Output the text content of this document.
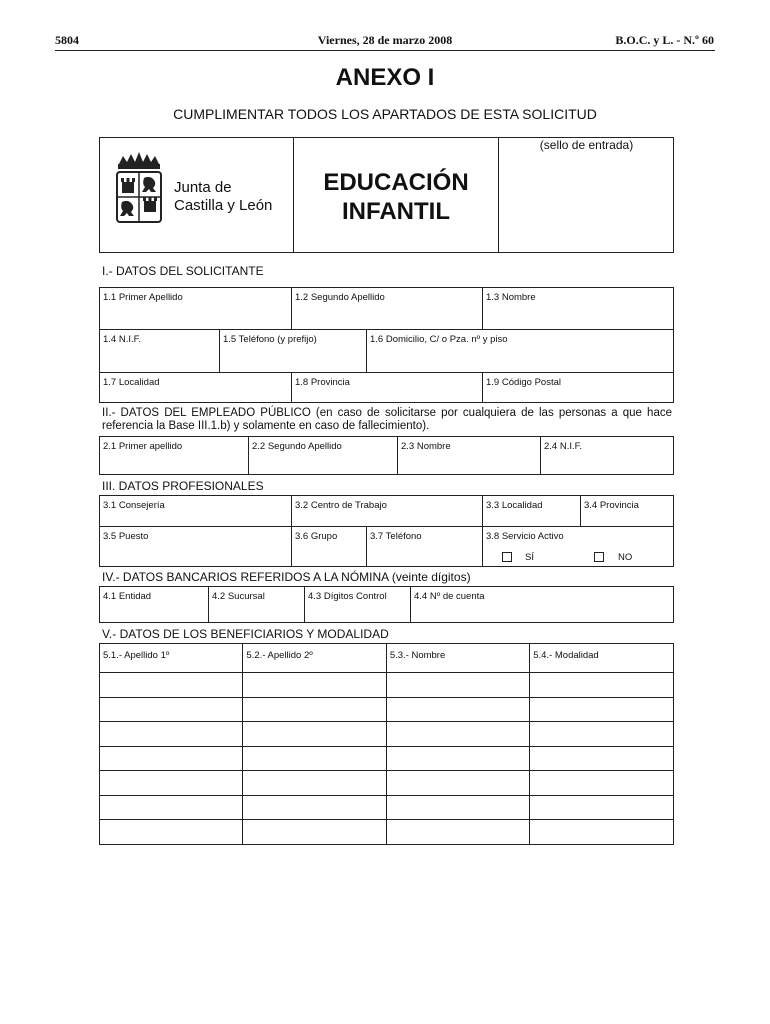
5804	Viernes, 28 de marzo 2008	B.O.C. y L. - N.º 60
ANEXO I
CUMPLIMENTAR TODOS LOS APARTADOS DE ESTA SOLICITUD
Junta de
Castilla y León
EDUCACIÓN
INFANTIL
(sello de entrada)
I.- DATOS DEL SOLICITANTE
1.1 Primer Apellido	1.2 Segundo Apellido	1.3 Nombre
1.4 N.I.F.	1.5 Teléfono (y prefijo)	1.6 Domicilio, C/ o Pza. nº y piso
1.7 Localidad	1.8 Provincia	1.9 Código Postal
II.- DATOS DEL EMPLEADO PÚBLICO (en caso de solicitarse por cualquiera de las personas a que hace
referencia la Base III.1.b) y solamente en caso de fallecimiento).
2.1 Primer apellido	2.2 Segundo Apellido	2.3 Nombre	2.4 N.I.F.
III. DATOS PROFESIONALES
3.1 Consejería	3.2 Centro de Trabajo	3.3 Localidad	3.4 Provincia
3.5 Puesto	3.6 Grupo	3.7 Teléfono	3.8 Servicio Activo
SÍ	NO
IV.- DATOS BANCARIOS REFERIDOS A LA NÓMINA (veinte dígitos)
4.1 Entidad	4.2 Sucursal	4.3 Dígitos Control	4.4 Nº de cuenta
V.- DATOS DE LOS BENEFICIARIOS Y MODALIDAD
5.1.- Apellido 1º	5.2.- Apellido 2º	5.3.- Nombre	5.4.- Modalidad
